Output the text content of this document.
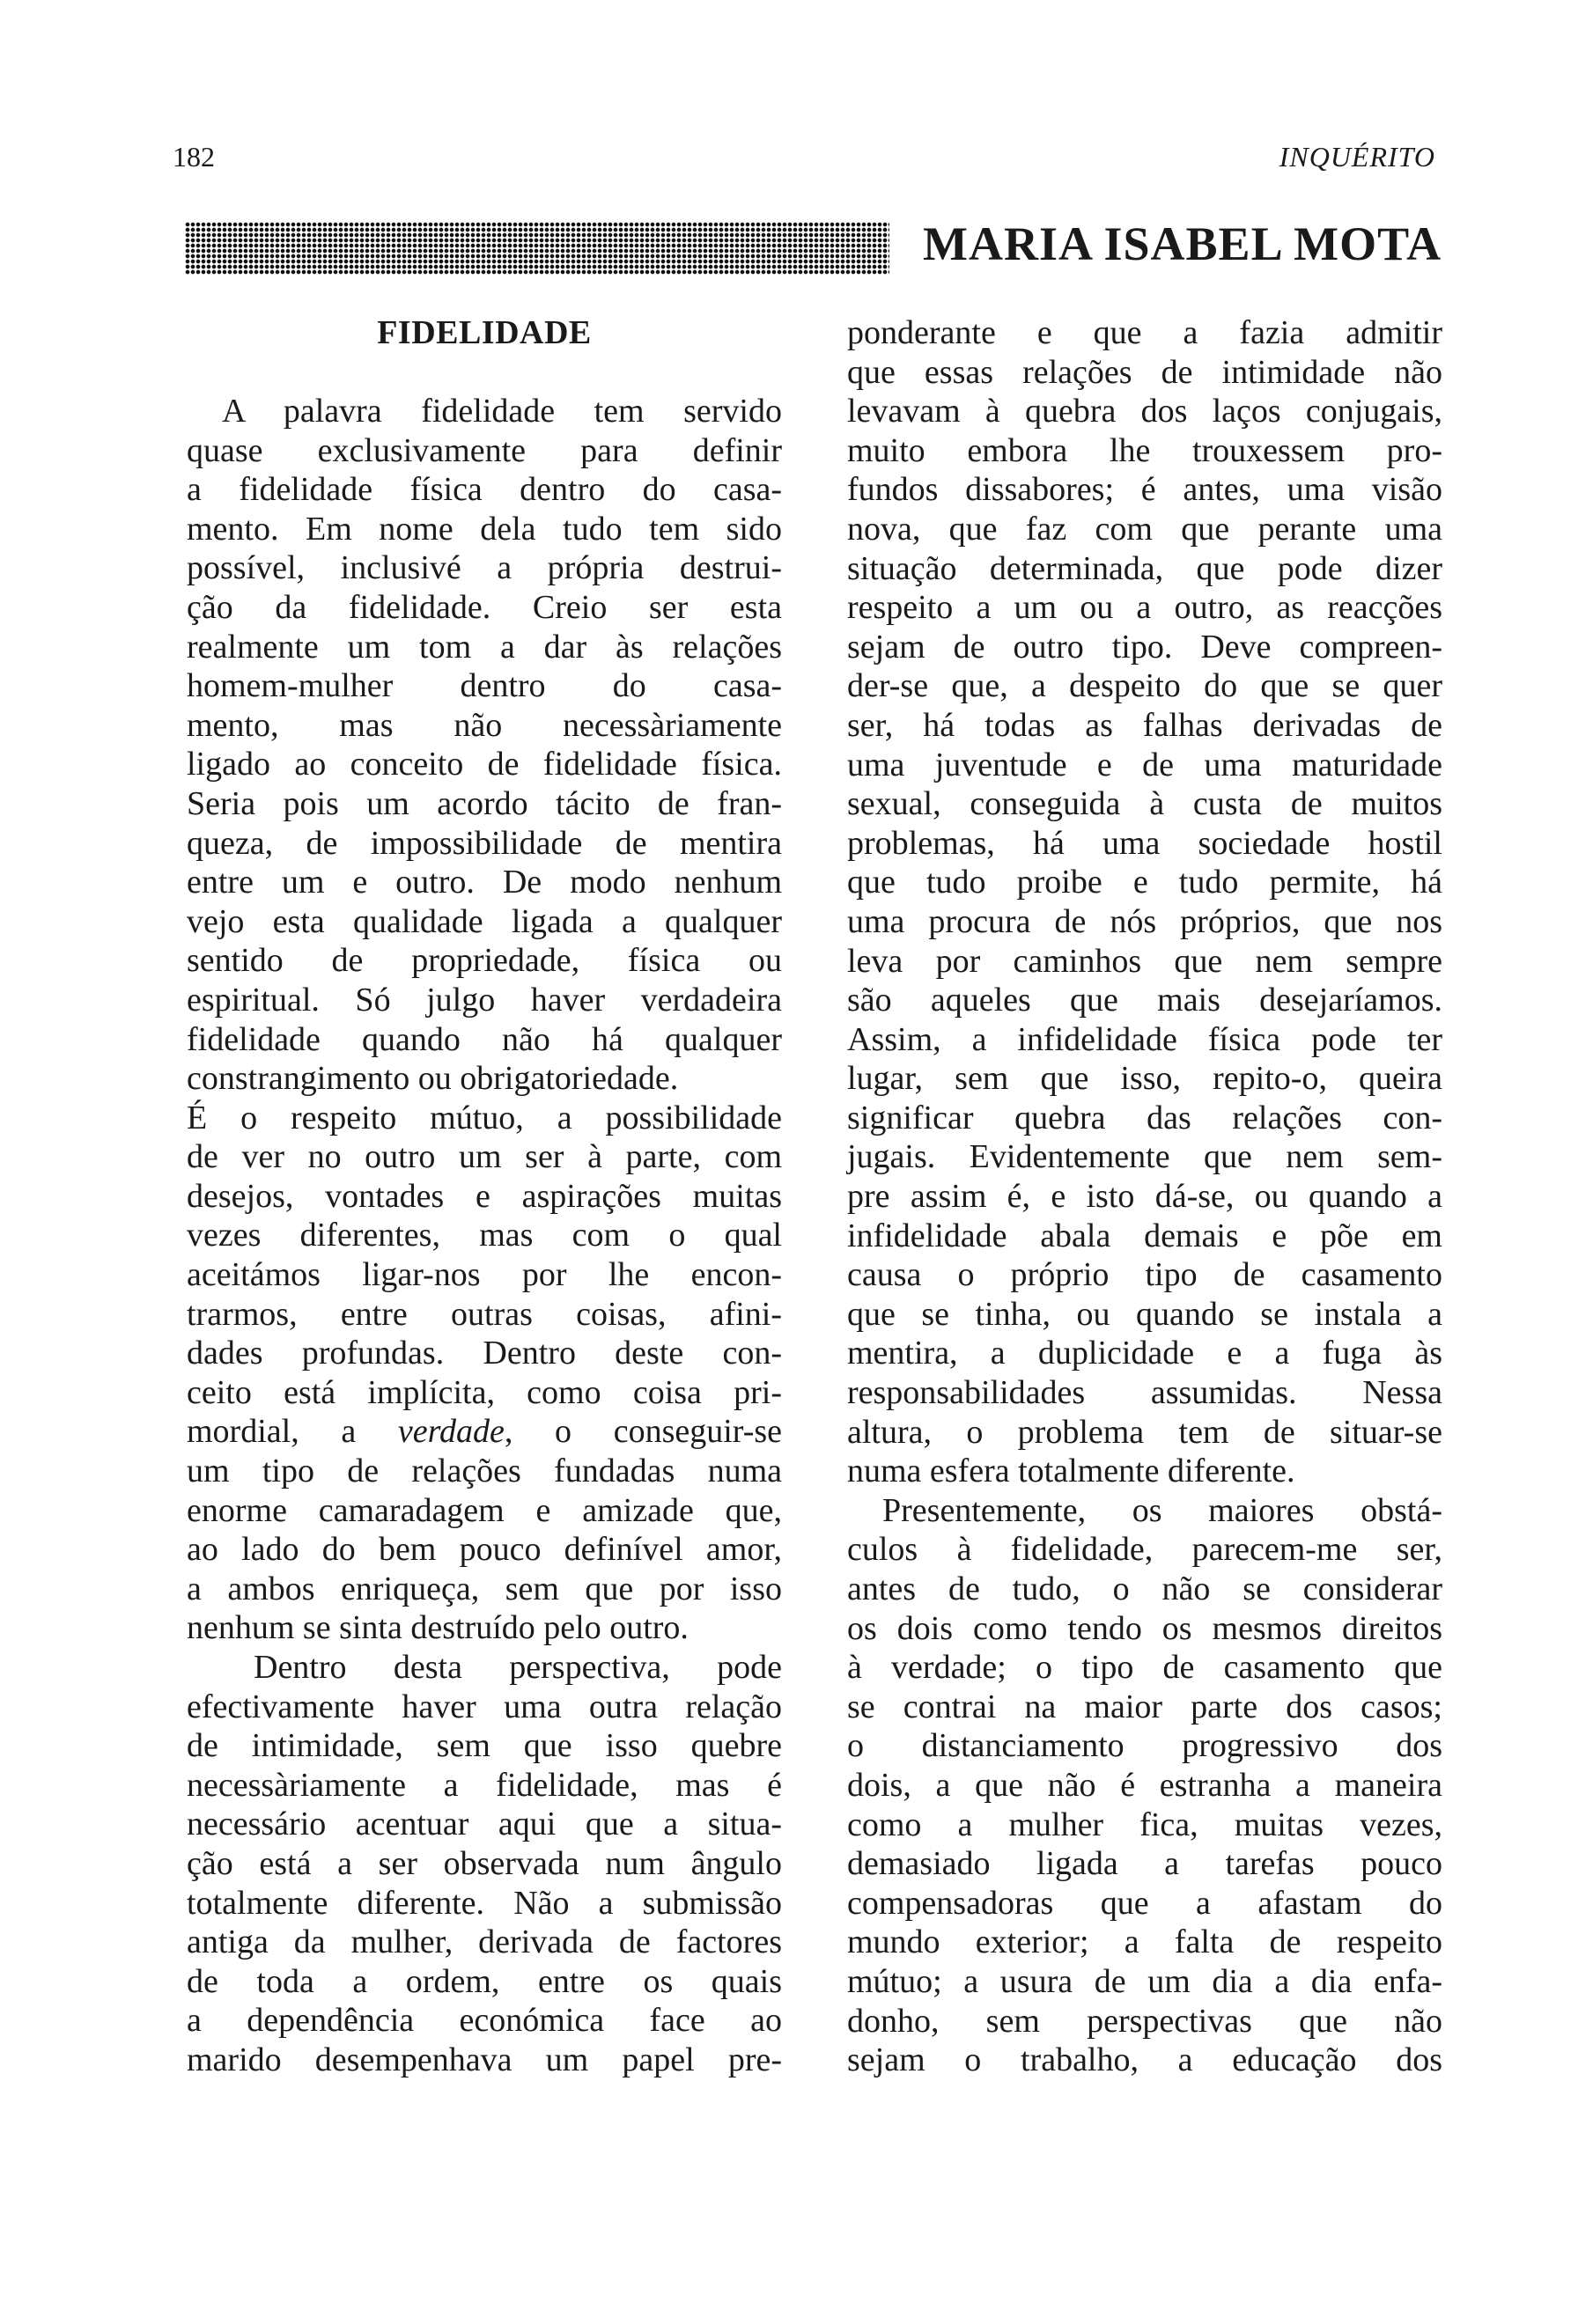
182	INQUÉRITO
MARIA ISABEL MOTA
FIDELIDADE
A palavra fidelidade tem servido
quase exclusivamente para definir
a fidelidade física dentro do casa-
mento. Em nome dela tudo tem sido
possível, inclusivé a própria destrui-
ção da fidelidade. Creio ser esta
realmente um tom a dar às relações
homem-mulher dentro do casa-
mento, mas não necessàriamente
ligado ao conceito de fidelidade física.
Seria pois um acordo tácito de fran-
queza, de impossibilidade de mentira
entre um e outro. De modo nenhum
vejo esta qualidade ligada a qualquer
sentido de propriedade, física ou
espiritual. Só julgo haver verdadeira
fidelidade quando não há qualquer
constrangimento ou obrigatoriedade.
É o respeito mútuo, a possibilidade
de ver no outro um ser à parte, com
desejos, vontades e aspirações muitas
vezes diferentes, mas com o qual
aceitámos ligar-nos por lhe encon-
trarmos, entre outras coisas, afini-
dades profundas. Dentro deste con-
ceito está implícita, como coisa pri-
mordial, a verdade, o conseguir-se
um tipo de relações fundadas numa
enorme camaradagem e amizade que,
ao lado do bem pouco definível amor,
a ambos enriqueça, sem que por isso
nenhum se sinta destruído pelo outro.
Dentro desta perspectiva, pode
efectivamente haver uma outra relação
de intimidade, sem que isso quebre
necessàriamente a fidelidade, mas é
necessário acentuar aqui que a situa-
ção está a ser observada num ângulo
totalmente diferente. Não a submissão
antiga da mulher, derivada de factores
de toda a ordem, entre os quais
a dependência económica face ao
marido desempenhava um papel pre-
ponderante e que a fazia admitir
que essas relações de intimidade não
levavam à quebra dos laços conjugais,
muito embora lhe trouxessem pro-
fundos dissabores; é antes, uma visão
nova, que faz com que perante uma
situação determinada, que pode dizer
respeito a um ou a outro, as reacções
sejam de outro tipo. Deve compreen-
der-se que, a despeito do que se quer
ser, há todas as falhas derivadas de
uma juventude e de uma maturidade
sexual, conseguida à custa de muitos
problemas, há uma sociedade hostil
que tudo proibe e tudo permite, há
uma procura de nós próprios, que nos
leva por caminhos que nem sempre
são aqueles que mais desejaríamos.
Assim, a infidelidade física pode ter
lugar, sem que isso, repito-o, queira
significar quebra das relações con-
jugais. Evidentemente que nem sem-
pre assim é, e isto dá-se, ou quando a
infidelidade abala demais e põe em
causa o próprio tipo de casamento
que se tinha, ou quando se instala a
mentira, a duplicidade e a fuga às
responsabilidades assumidas. Nessa
altura, o problema tem de situar-se
numa esfera totalmente diferente.
Presentemente, os maiores obstá-
culos à fidelidade, parecem-me ser,
antes de tudo, o não se considerar
os dois como tendo os mesmos direitos
à verdade; o tipo de casamento que
se contrai na maior parte dos casos;
o distanciamento progressivo dos
dois, a que não é estranha a maneira
como a mulher fica, muitas vezes,
demasiado ligada a tarefas pouco
compensadoras que a afastam do
mundo exterior; a falta de respeito
mútuo; a usura de um dia a dia enfa-
donho, sem perspectivas que não
sejam o trabalho, a educação dos
